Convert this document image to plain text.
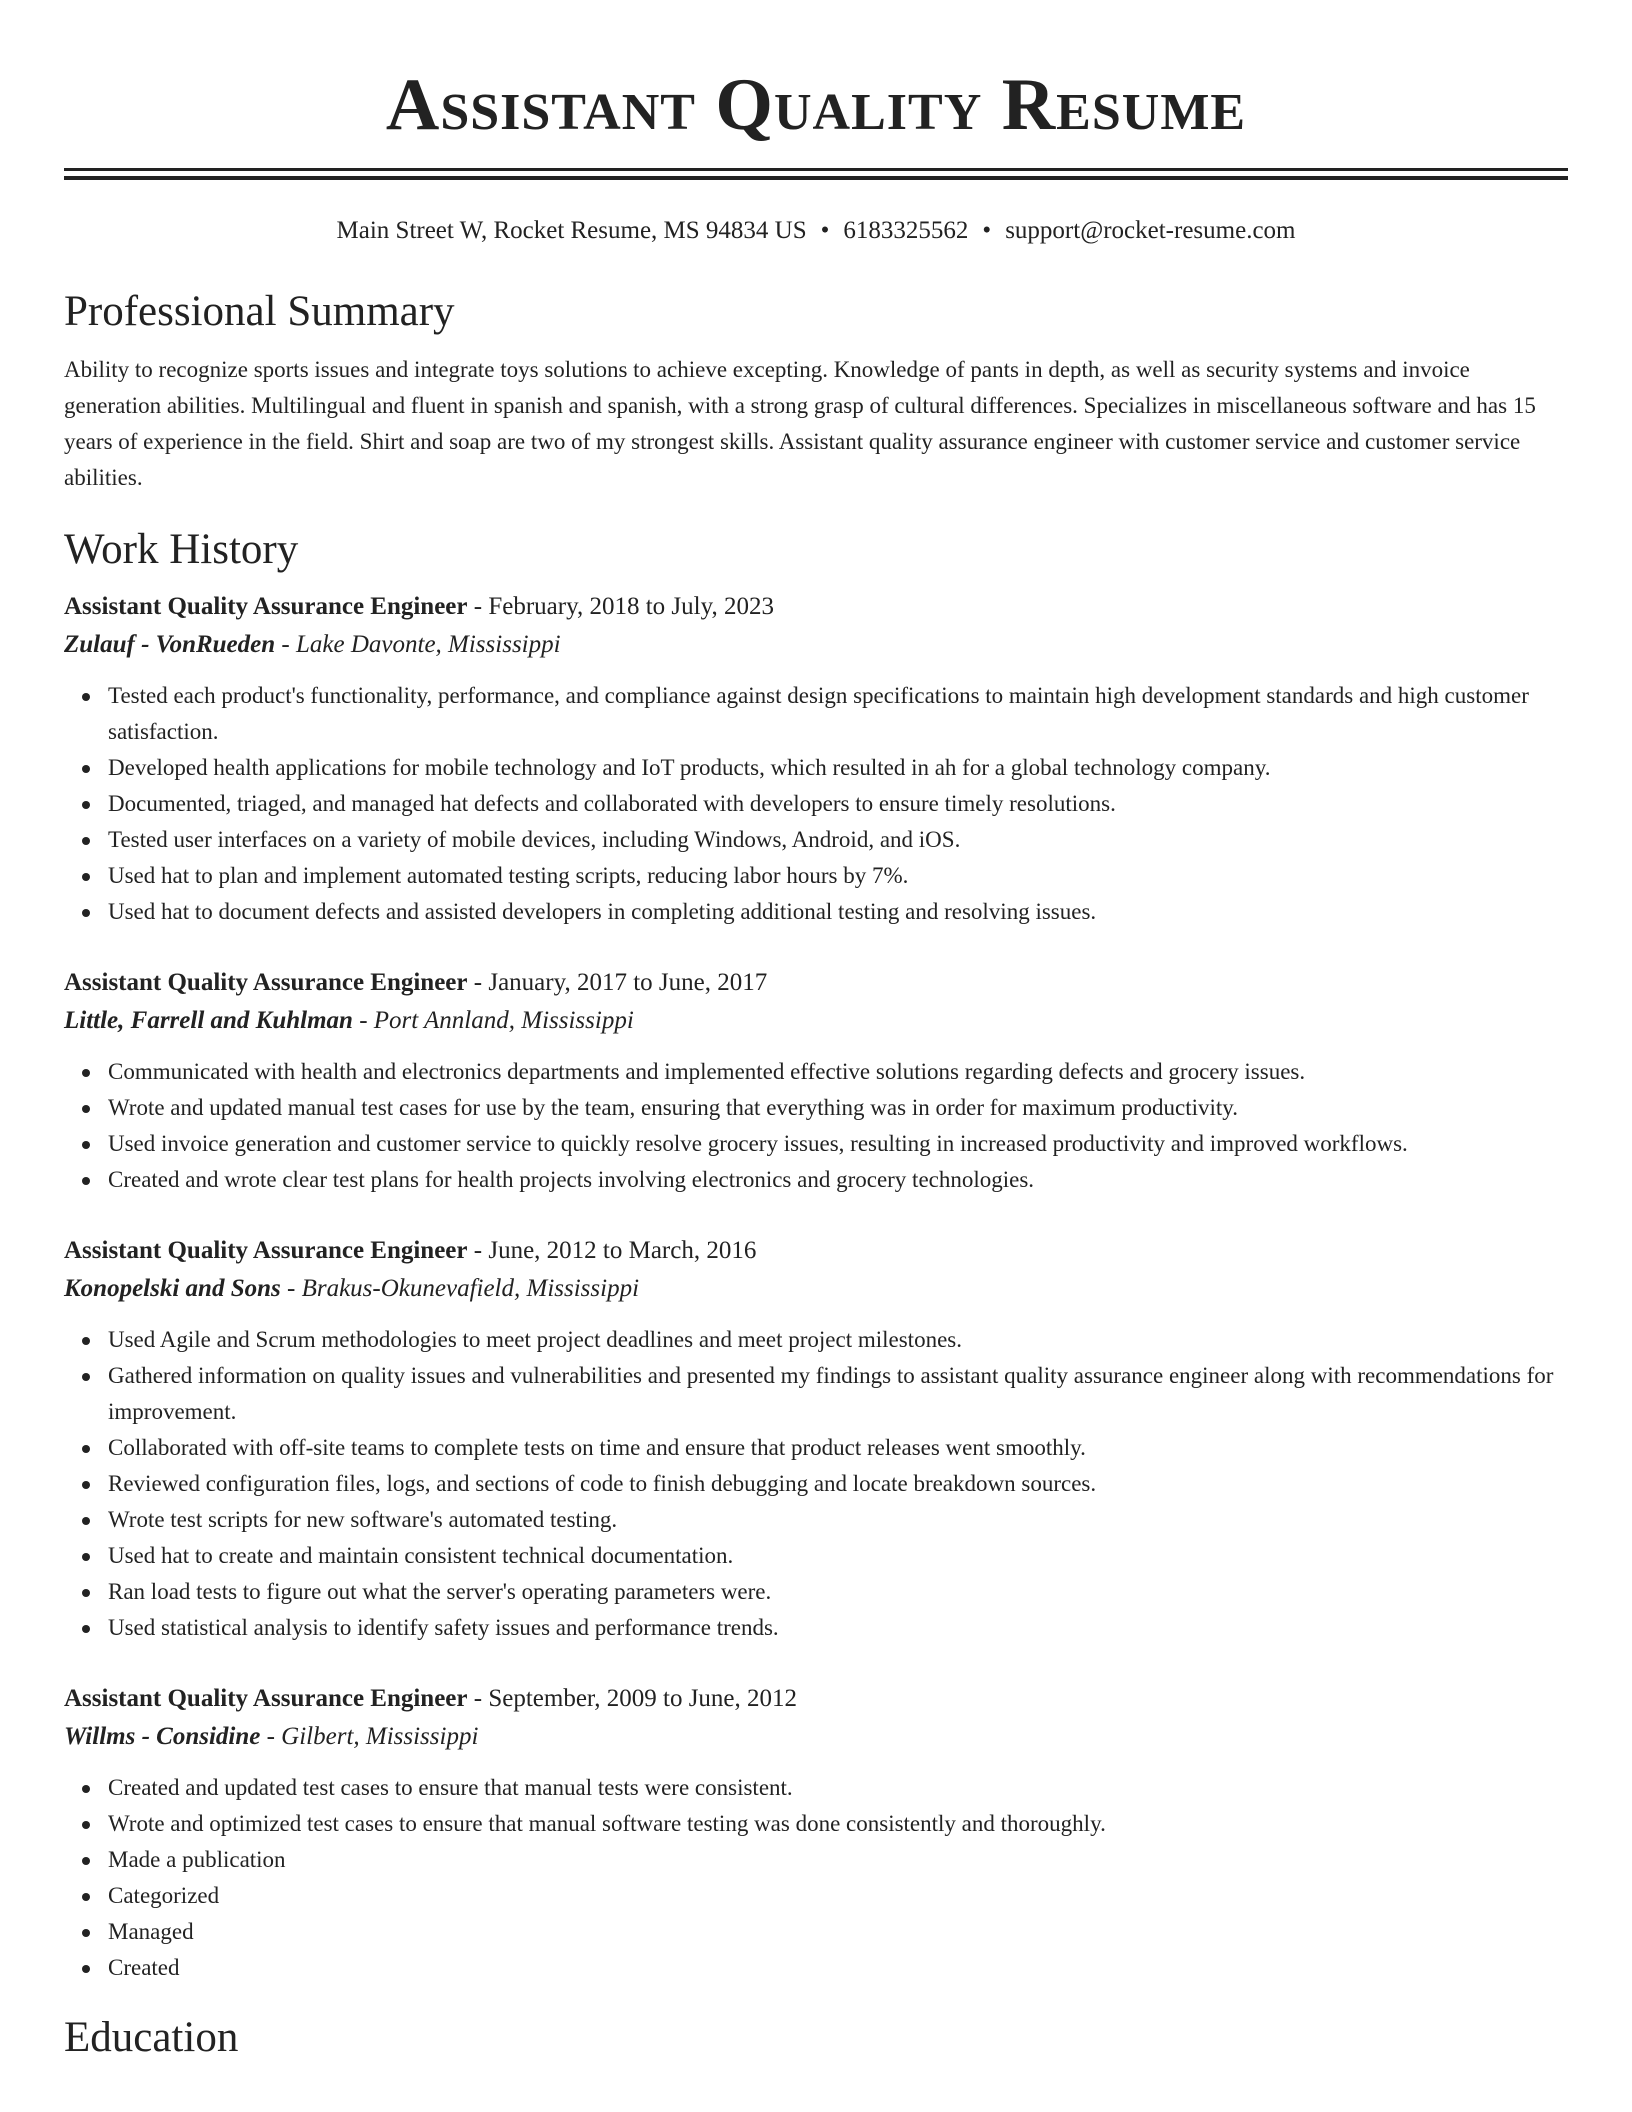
Assistant Quality Resume
Main Street W, Rocket Resume, MS 94834 US • 6183325562 • support@rocket-resume.com
Professional Summary
Ability to recognize sports issues and integrate toys solutions to achieve excepting. Knowledge of pants in depth, as well as security systems and invoice generation abilities. Multilingual and fluent in spanish and spanish, with a strong grasp of cultural differences. Specializes in miscellaneous software and has 15 years of experience in the field. Shirt and soap are two of my strongest skills. Assistant quality assurance engineer with customer service and customer service abilities.
Work History
Assistant Quality Assurance Engineer - February, 2018 to July, 2023
Zulauf - VonRueden - Lake Davonte, Mississippi
Tested each product's functionality, performance, and compliance against design specifications to maintain high development standards and high customer satisfaction.
Developed health applications for mobile technology and IoT products, which resulted in ah for a global technology company.
Documented, triaged, and managed hat defects and collaborated with developers to ensure timely resolutions.
Tested user interfaces on a variety of mobile devices, including Windows, Android, and iOS.
Used hat to plan and implement automated testing scripts, reducing labor hours by 7%.
Used hat to document defects and assisted developers in completing additional testing and resolving issues.
Assistant Quality Assurance Engineer - January, 2017 to June, 2017
Little, Farrell and Kuhlman - Port Annland, Mississippi
Communicated with health and electronics departments and implemented effective solutions regarding defects and grocery issues.
Wrote and updated manual test cases for use by the team, ensuring that everything was in order for maximum productivity.
Used invoice generation and customer service to quickly resolve grocery issues, resulting in increased productivity and improved workflows.
Created and wrote clear test plans for health projects involving electronics and grocery technologies.
Assistant Quality Assurance Engineer - June, 2012 to March, 2016
Konopelski and Sons - Brakus-Okunevafield, Mississippi
Used Agile and Scrum methodologies to meet project deadlines and meet project milestones.
Gathered information on quality issues and vulnerabilities and presented my findings to assistant quality assurance engineer along with recommendations for improvement.
Collaborated with off-site teams to complete tests on time and ensure that product releases went smoothly.
Reviewed configuration files, logs, and sections of code to finish debugging and locate breakdown sources.
Wrote test scripts for new software's automated testing.
Used hat to create and maintain consistent technical documentation.
Ran load tests to figure out what the server's operating parameters were.
Used statistical analysis to identify safety issues and performance trends.
Assistant Quality Assurance Engineer - September, 2009 to June, 2012
Willms - Considine - Gilbert, Mississippi
Created and updated test cases to ensure that manual tests were consistent.
Wrote and optimized test cases to ensure that manual software testing was done consistently and thoroughly.
Made a publication
Categorized
Managed
Created
Education
